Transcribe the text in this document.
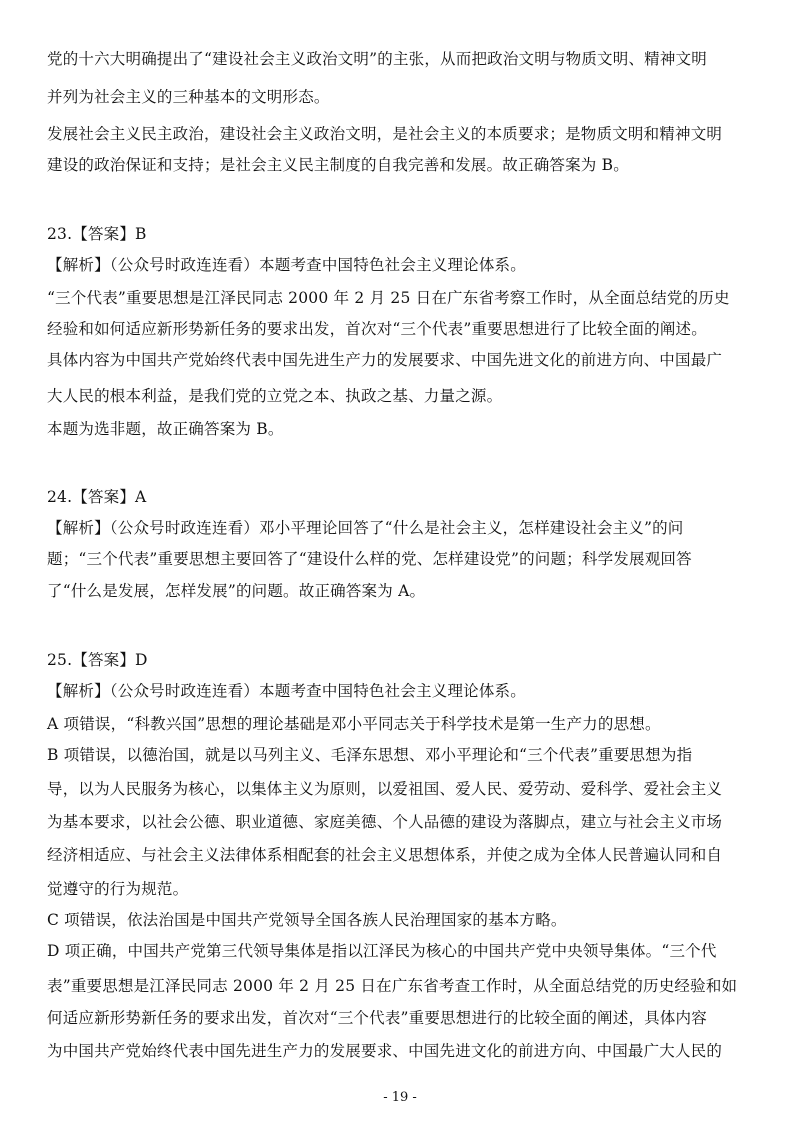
党的十六大明确提出了“建设社会主义政治文明”的主张，从而把政治文明与物质文明、精神文明
并列为社会主义的三种基本的文明形态。
发展社会主义民主政治，建设社会主义政治文明，是社会主义的本质要求；是物质文明和精神文明
建设的政治保证和支持；是社会主义民主制度的自我完善和发展。故正确答案为 B。
23.【答案】B
【解析】（公众号时政连连看）本题考查中国特色社会主义理论体系。
“三个代表”重要思想是江泽民同志 2000 年 2 月 25 日在广东省考察工作时，从全面总结党的历史
经验和如何适应新形势新任务的要求出发，首次对“三个代表”重要思想进行了比较全面的阐述。
具体内容为中国共产党始终代表中国先进生产力的发展要求、中国先进文化的前进方向、中国最广
大人民的根本利益，是我们党的立党之本、执政之基、力量之源。
本题为选非题，故正确答案为 B。
24.【答案】A
【解析】（公众号时政连连看）邓小平理论回答了“什么是社会主义，怎样建设社会主义”的问
题；“三个代表”重要思想主要回答了“建设什么样的党、怎样建设党”的问题；科学发展观回答
了“什么是发展，怎样发展”的问题。故正确答案为 A。
25.【答案】D
【解析】（公众号时政连连看）本题考查中国特色社会主义理论体系。
A 项错误，“科教兴国”思想的理论基础是邓小平同志关于科学技术是第一生产力的思想。
B 项错误，以德治国，就是以马列主义、毛泽东思想、邓小平理论和“三个代表”重要思想为指
导，以为人民服务为核心，以集体主义为原则，以爱祖国、爱人民、爱劳动、爱科学、爱社会主义
为基本要求，以社会公德、职业道德、家庭美德、个人品德的建设为落脚点，建立与社会主义市场
经济相适应、与社会主义法律体系相配套的社会主义思想体系，并使之成为全体人民普遍认同和自
觉遵守的行为规范。
C 项错误，依法治国是中国共产党领导全国各族人民治理国家的基本方略。
D 项正确，中国共产党第三代领导集体是指以江泽民为核心的中国共产党中央领导集体。“三个代
表”重要思想是江泽民同志 2000 年 2 月 25 日在广东省考查工作时，从全面总结党的历史经验和如
何适应新形势新任务的要求出发，首次对“三个代表”重要思想进行的比较全面的阐述，具体内容
为中国共产党始终代表中国先进生产力的发展要求、中国先进文化的前进方向、中国最广大人民的
- 19 -
